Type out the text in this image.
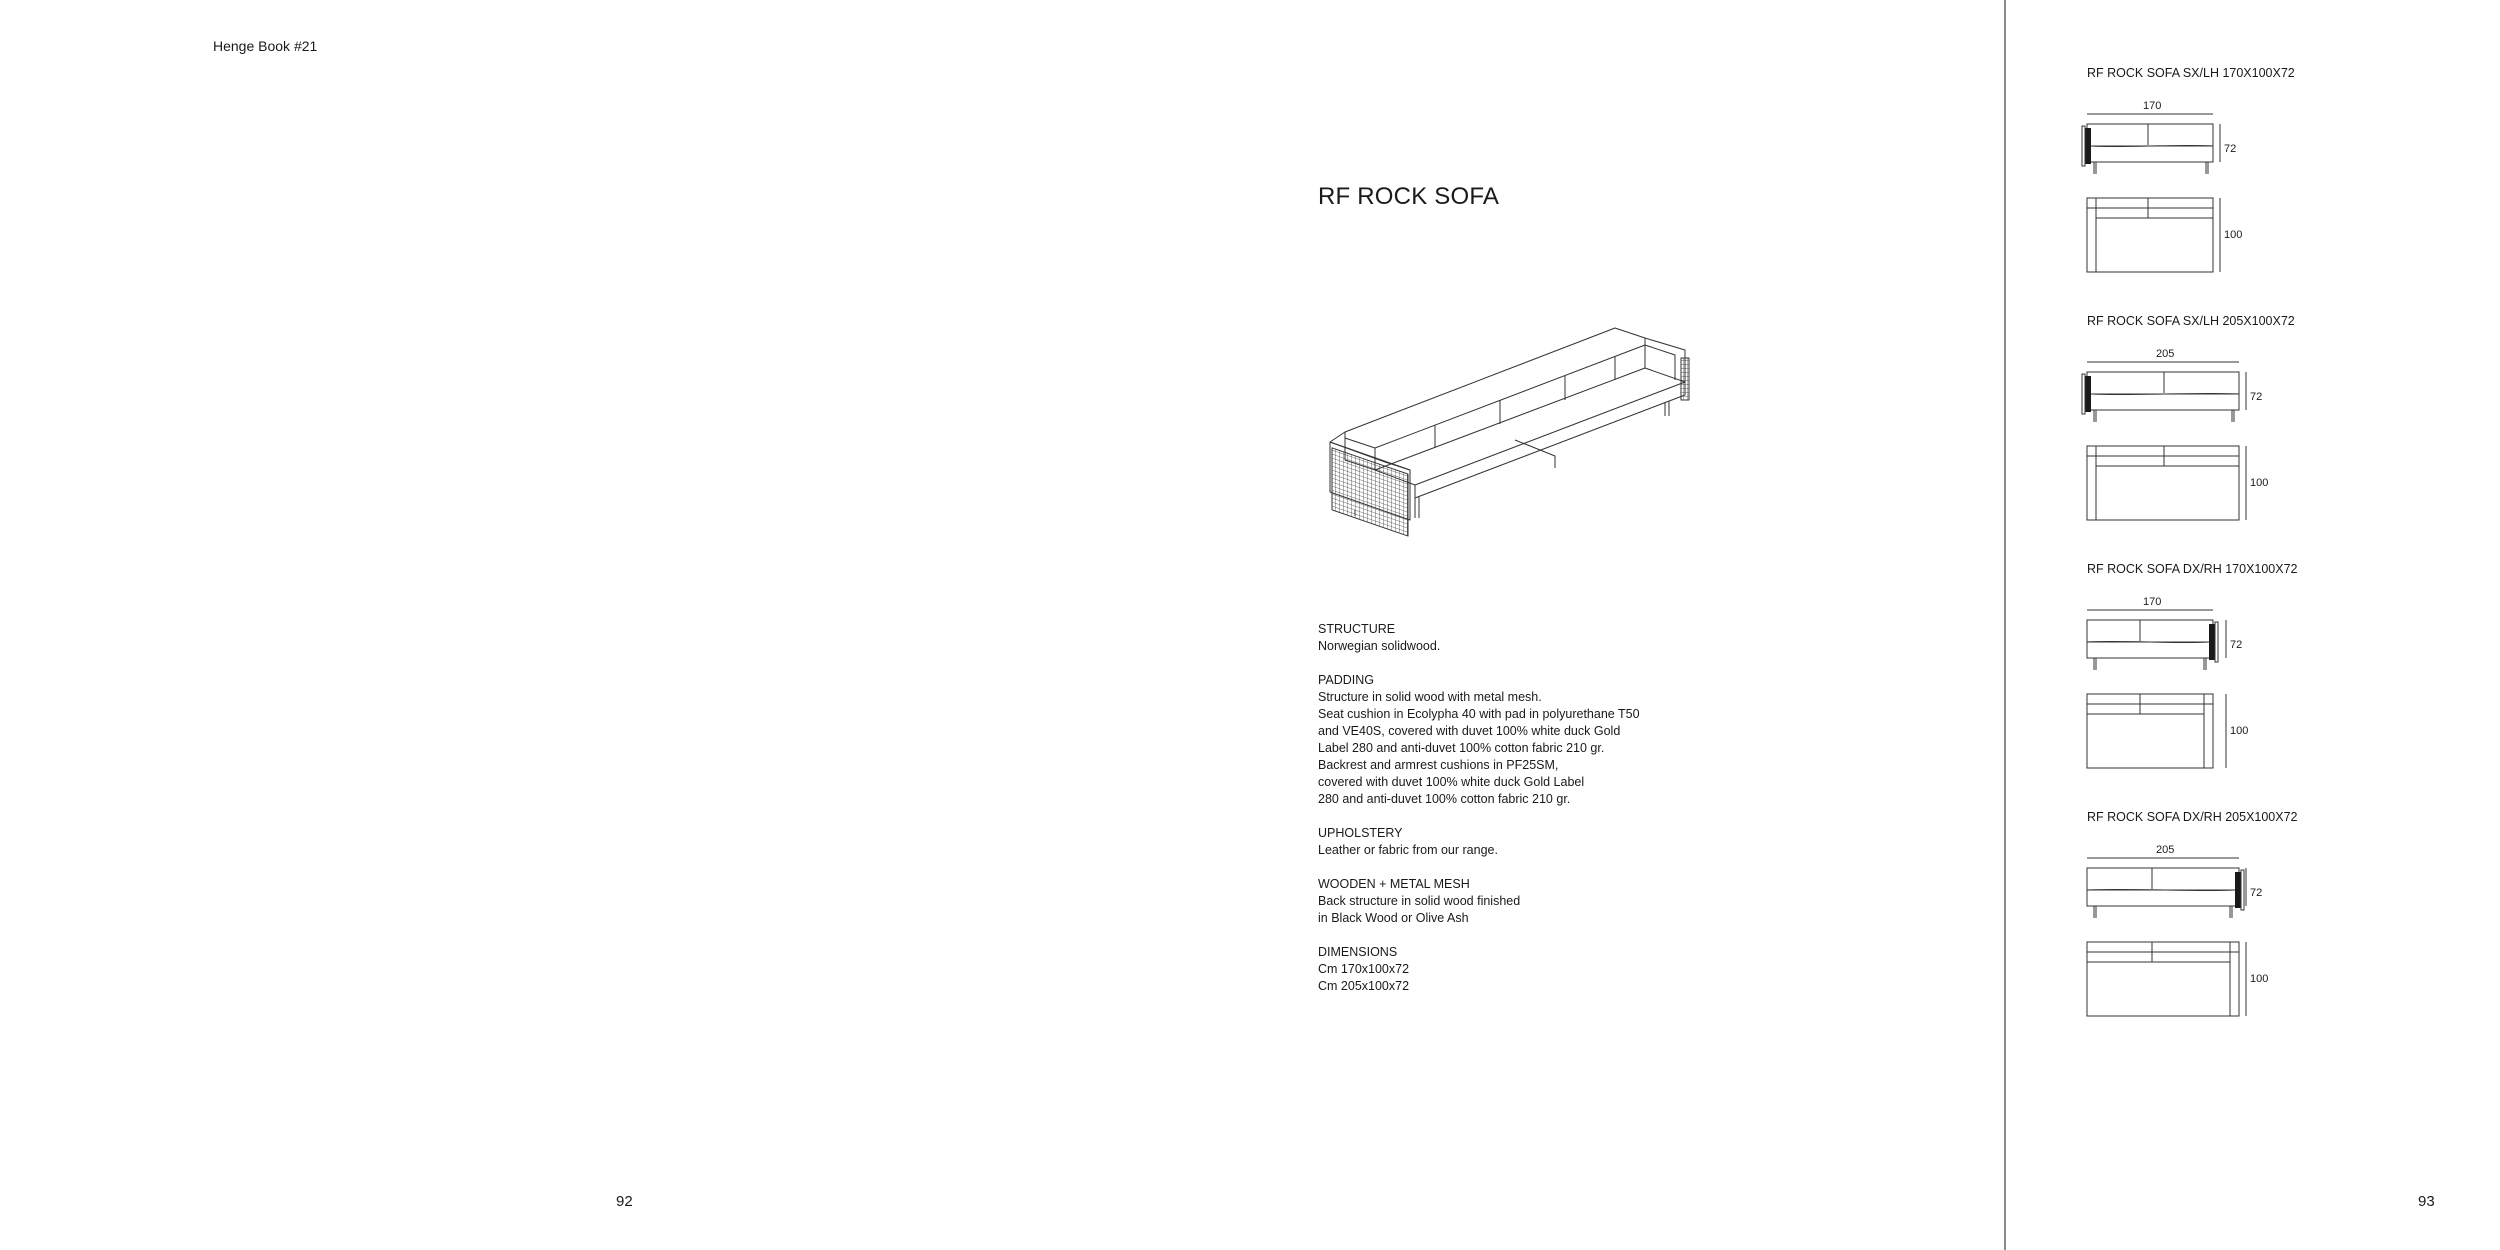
Henge Book #21
RF ROCK SOFA
STRUCTURE
Norwegian solidwood.
PADDING
Structure in solid wood with metal mesh.
Seat cushion in Ecolypha 40 with pad in polyurethane T50
and VE40S, covered with duvet 100% white duck Gold
Label 280 and anti-duvet 100% cotton fabric 210 gr.
Backrest and armrest cushions in PF25SM,
covered with duvet 100% white duck Gold Label
280 and anti-duvet 100% cotton fabric 210 gr.
UPHOLSTERY
Leather or fabric from our range.
WOODEN + METAL MESH
Back structure in solid wood finished
in Black Wood or Olive Ash
DIMENSIONS
Cm 170x100x72
Cm 205x100x72
92
RF ROCK SOFA SX/LH 170X100X72
170
72
100
RF ROCK SOFA SX/LH 205X100X72
205
72
100
RF ROCK SOFA DX/RH 170X100X72
170
72
100
RF ROCK SOFA DX/RH 205X100X72
205
72
100
93
